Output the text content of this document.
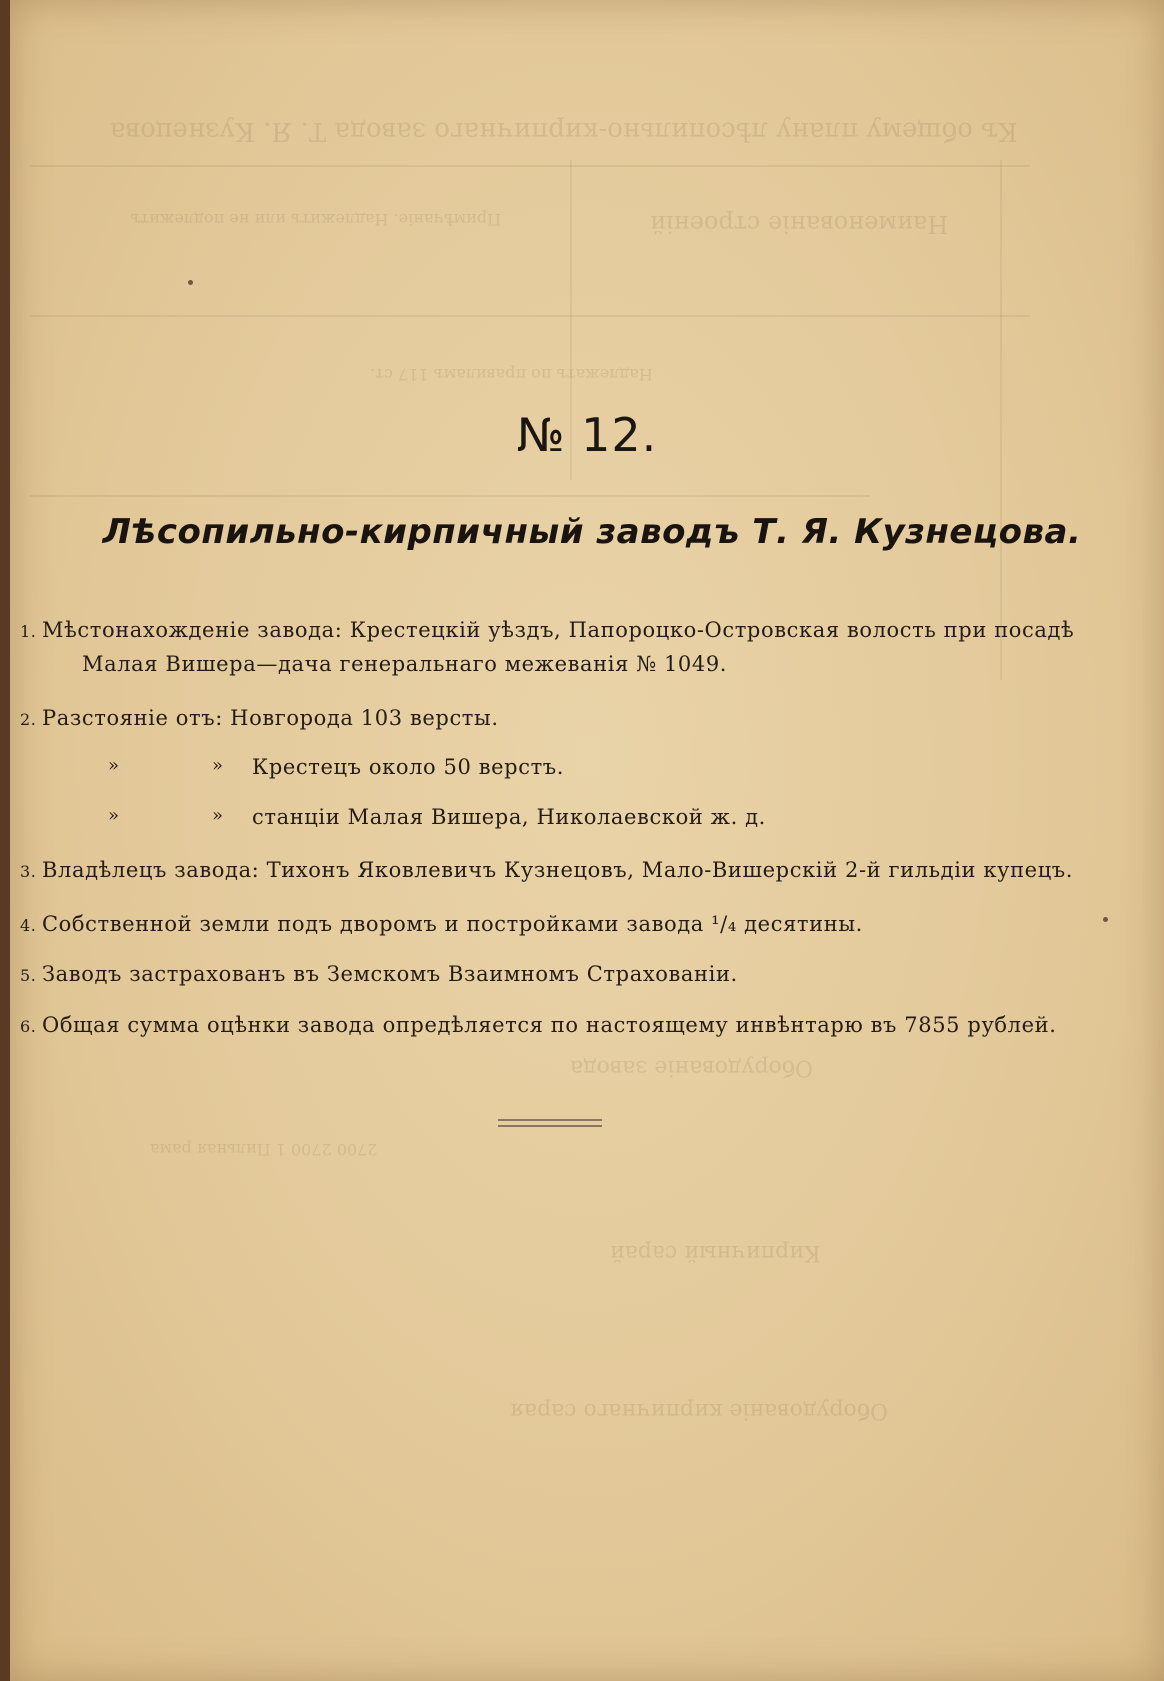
Къ общему плану лѣсопильно-кирпичнаго завода Т. Я. Кузнецова
Наименованіе строеній
Примѣчаніе. Надлежитъ или не подлежитъ
Надлежатъ по правиламъ 117 ст.
Оборудованіе завода
2700 2700 1 Пильная рама
Кирпичный сарай
Оборудованіе кирпичнаго сарая
№ 12.
Лѣсопильно-кирпичный заводъ Т. Я. Кузнецова.
1. Мѣстонахожденіе завода: Крестецкій уѣздъ, Папороцко-Островская волость при посадѣ
Малая Вишера—дача генеральнаго межеванія № 1049.
2. Разстояніе отъ: Новгорода 103 версты.
»	» Крестецъ около 50 верстъ.
»	» станціи Малая Вишера, Николаевской ж. д.
3. Владѣлецъ завода: Тихонъ Яковлевичъ Кузнецовъ, Мало-Вишерскій 2-й гильдіи купецъ.
4. Собственной земли подъ дворомъ и постройками завода ¹/₄ десятины.
5. Заводъ застрахованъ въ Земскомъ Взаимномъ Страхованіи.
6. Общая сумма оцѣнки завода опредѣляется по настоящему инвѣнтарю въ 7855 рублей.
